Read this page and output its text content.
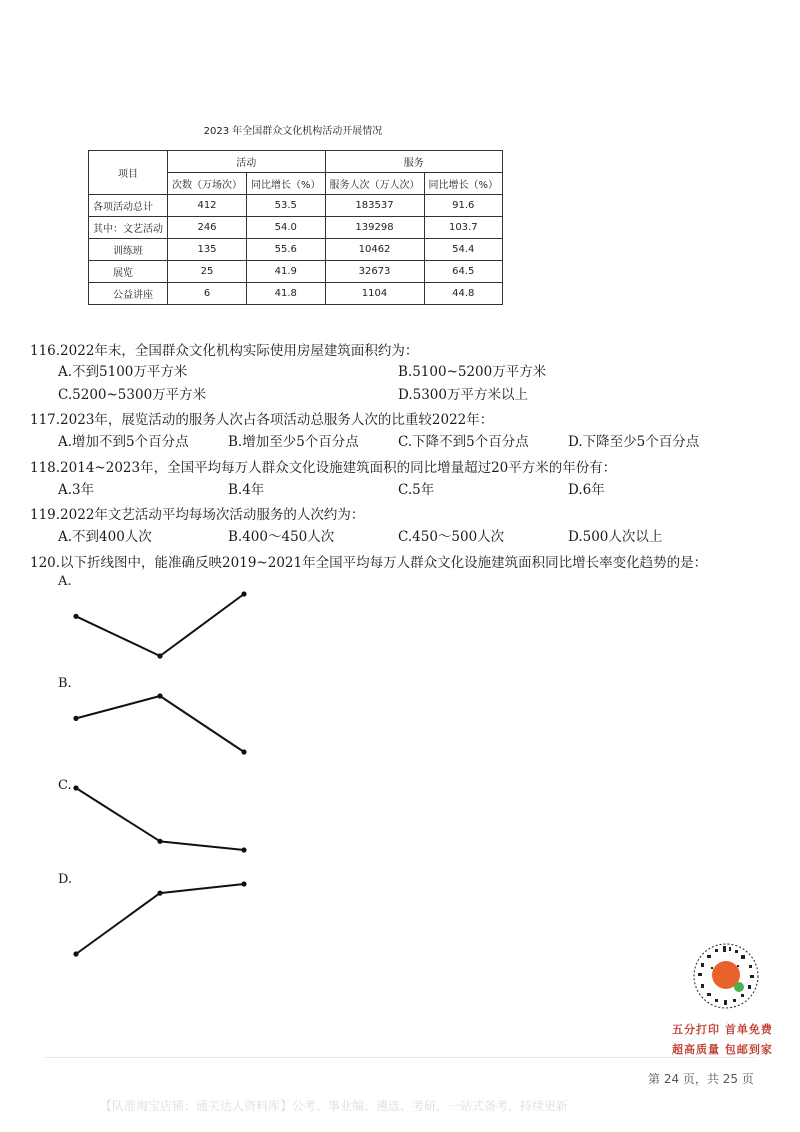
2023 年全国群众文化机构活动开展情况
项目	活动		服务	
	次数（万场次）	同比增长（%）	服务人次（万人次）	同比增长（%）
各项活动总计	412	53.5	183537	91.6
其中：文艺活动	246	54.0	139298	103.7
训练班	135	55.6	10462	54.4
展览	25	41.9	32673	64.5
公益讲座	6	41.8	1104	44.8
116.2022年末，全国群众文化机构实际使用房屋建筑面积约为：
A.不到5100万平方米	B.5100~5200万平方米
C.5200~5300万平方米	D.5300万平方米以上
117.2023年，展览活动的服务人次占各项活动总服务人次的比重较2022年：
A.增加不到5个百分点	B.增加至少5个百分点	C.下降不到5个百分点	D.下降至少5个百分点
118.2014~2023年，全国平均每万人群众文化设施建筑面积的同比增量超过20平方米的年份有：
A.3年	B.4年	C.5年	D.6年
119.2022年文艺活动平均每场次活动服务的人次约为：
A.不到400人次	B.400～450人次	C.450～500人次	D.500人次以上
120.以下折线图中，能准确反映2019~2021年全国平均每万人群众文化设施建筑面积同比增长率变化趋势的是：
A.
B.
C.
D.
五分打印 首单免费
超高质量 包邮到家
第 24 页，共 25 页
【队准淘宝店铺：通关达人资料库】公考、事业编、遴选、考研，一站式备考，持续更新
